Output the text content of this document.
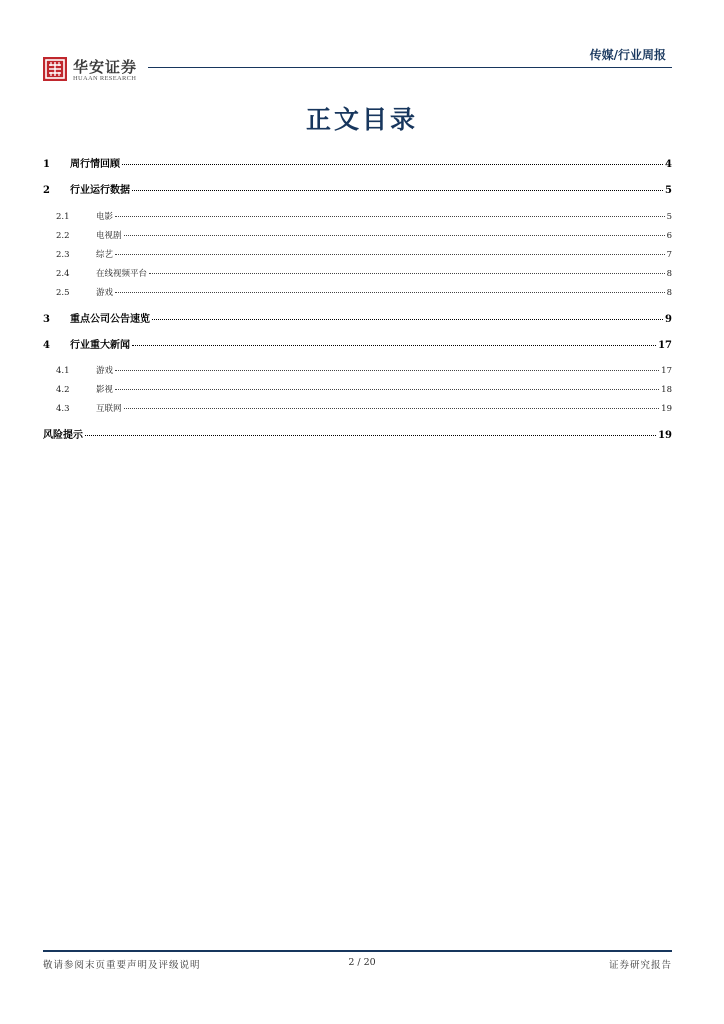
华安证券
HUAAN RESEARCH
传媒/行业周报
正文目录
1	周行情回顾	4
2	行业运行数据	5
2.1	电影	5
2.2	电视剧	6
2.3	综艺	7
2.4	在线视频平台	8
2.5	游戏	8
3	重点公司公告速览	9
4	行业重大新闻	17
4.1	游戏	17
4.2	影视	18
4.3	互联网	19
风险提示	19
敬请参阅末页重要声明及评级说明	2 / 20	证券研究报告
